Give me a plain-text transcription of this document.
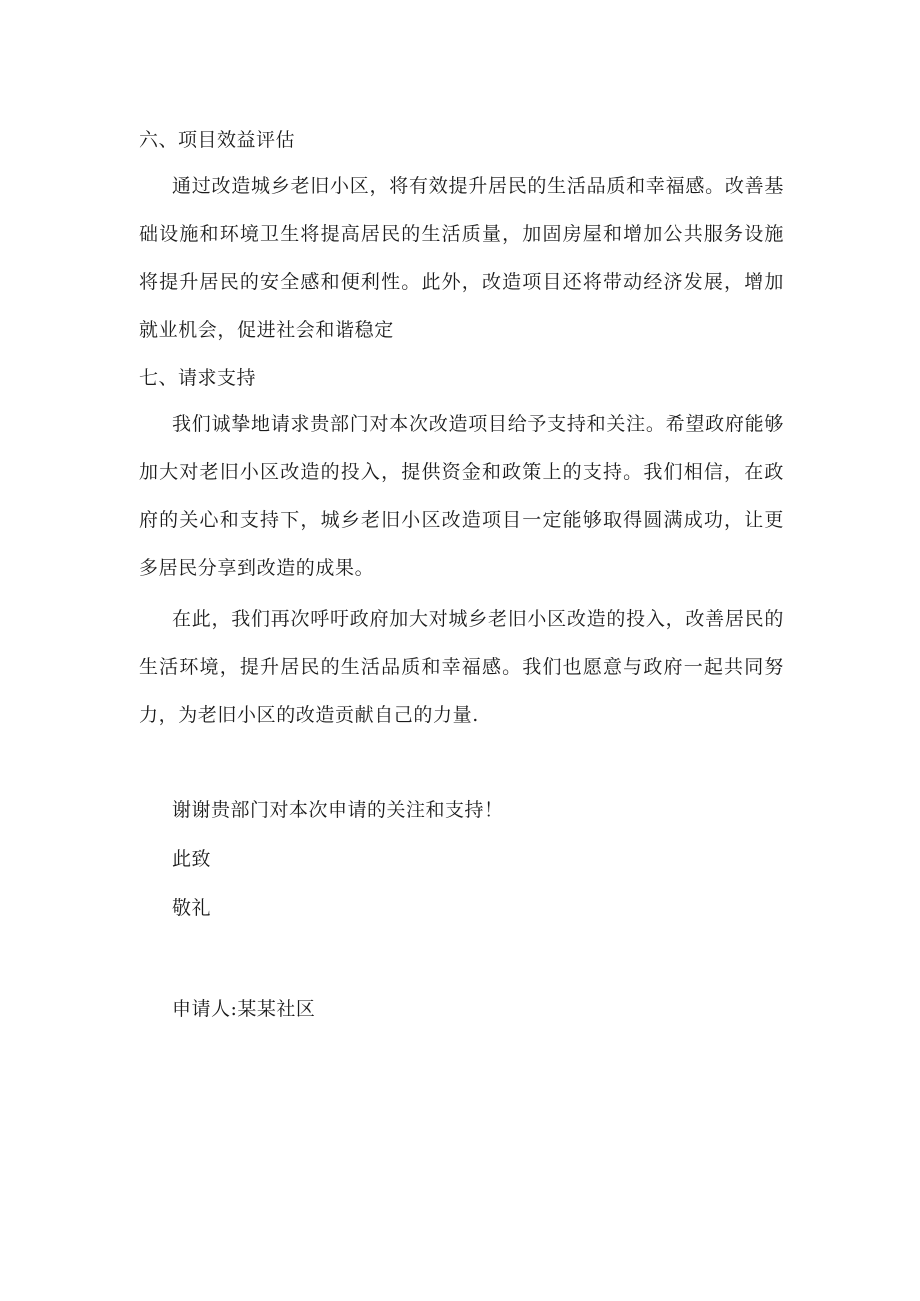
六、项目效益评估

通过改造城乡老旧小区，将有效提升居民的生活品质和幸福感。改善基础设施和环境卫生将提高居民的生活质量，加固房屋和增加公共服务设施将提升居民的安全感和便利性。此外，改造项目还将带动经济发展，增加就业机会，促进社会和谐稳定

七、请求支持

我们诚挚地请求贵部门对本次改造项目给予支持和关注。希望政府能够加大对老旧小区改造的投入，提供资金和政策上的支持。我们相信，在政府的关心和支持下，城乡老旧小区改造项目一定能够取得圆满成功，让更多居民分享到改造的成果。

在此，我们再次呼吁政府加大对城乡老旧小区改造的投入，改善居民的生活环境，提升居民的生活品质和幸福感。我们也愿意与政府一起共同努力，为老旧小区的改造贡献自己的力量.

谢谢贵部门对本次申请的关注和支持！
此致
敬礼
申请人:某某社区
